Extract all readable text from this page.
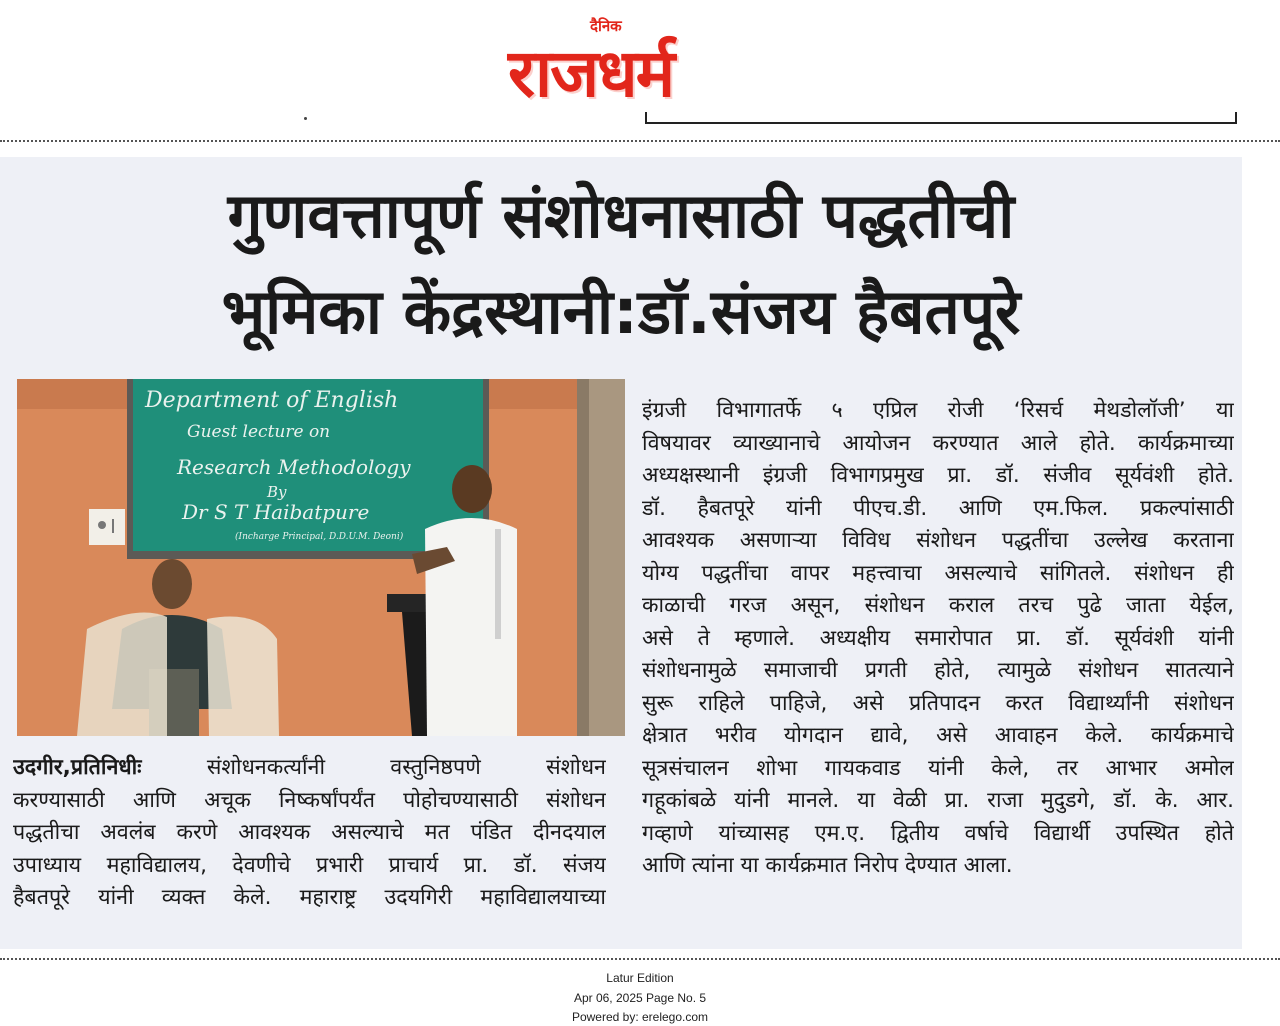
दैनिक
राजधर्म
गुणवत्तापूर्ण संशोधनासाठी पद्धतीची
भूमिका केंद्रस्थानी:डॉ.संजय हैबतपूरे
Department of English
Guest lecture on
Research Methodology
By
Dr S T Haibatpure
(Incharge Principal, D.D.U.M. Deoni)
इंग्रजी विभागातर्फे ५ एप्रिल रोजी ‘रिसर्च मेथडोलॉजी’ या
विषयावर व्याख्यानाचे आयोजन करण्यात आले होते. कार्यक्रमाच्या
अध्यक्षस्थानी इंग्रजी विभागप्रमुख प्रा. डॉ. संजीव सूर्यवंशी होते.
डॉ. हैबतपूरे यांनी पीएच.डी. आणि एम.फिल. प्रकल्पांसाठी
आवश्यक असणाऱ्या विविध संशोधन पद्धतींचा उल्लेख करताना
योग्य पद्धतींचा वापर महत्त्वाचा असल्याचे सांगितले. संशोधन ही
काळाची गरज असून, संशोधन कराल तरच पुढे जाता येईल,
असे ते म्हणाले. अध्यक्षीय समारोपात प्रा. डॉ. सूर्यवंशी यांनी
संशोधनामुळे समाजाची प्रगती होते, त्यामुळे संशोधन सातत्याने
सुरू राहिले पाहिजे, असे प्रतिपादन करत विद्यार्थ्यांनी संशोधन
क्षेत्रात भरीव योगदान द्यावे, असे आवाहन केले. कार्यक्रमाचे
सूत्रसंचालन शोभा गायकवाड यांनी केले, तर आभार अमोल
गहूकांबळे यांनी मानले. या वेळी प्रा. राजा मुदुडगे, डॉ. के. आर.
गव्हाणे यांच्यासह एम.ए. द्वितीय वर्षाचे विद्यार्थी उपस्थित होते
आणि त्यांना या कार्यक्रमात निरोप देण्यात आला.
उदगीर,प्रतिनिधीः	संशोधनकर्त्यांनी वस्तुनिष्ठपणे संशोधन
करण्यासाठी आणि अचूक निष्कर्षांपर्यंत पोहोचण्यासाठी संशोधन
पद्धतीचा अवलंब करणे आवश्यक असल्याचे मत पंडित दीनदयाल
उपाध्याय महाविद्यालय, देवणीचे प्रभारी प्राचार्य प्रा. डॉ. संजय
हैबतपूरे यांनी व्यक्त केले. महाराष्ट्र उदयगिरी महाविद्यालयाच्या
Latur Edition
Apr 06, 2025 Page No. 5
Powered by: erelego.com
